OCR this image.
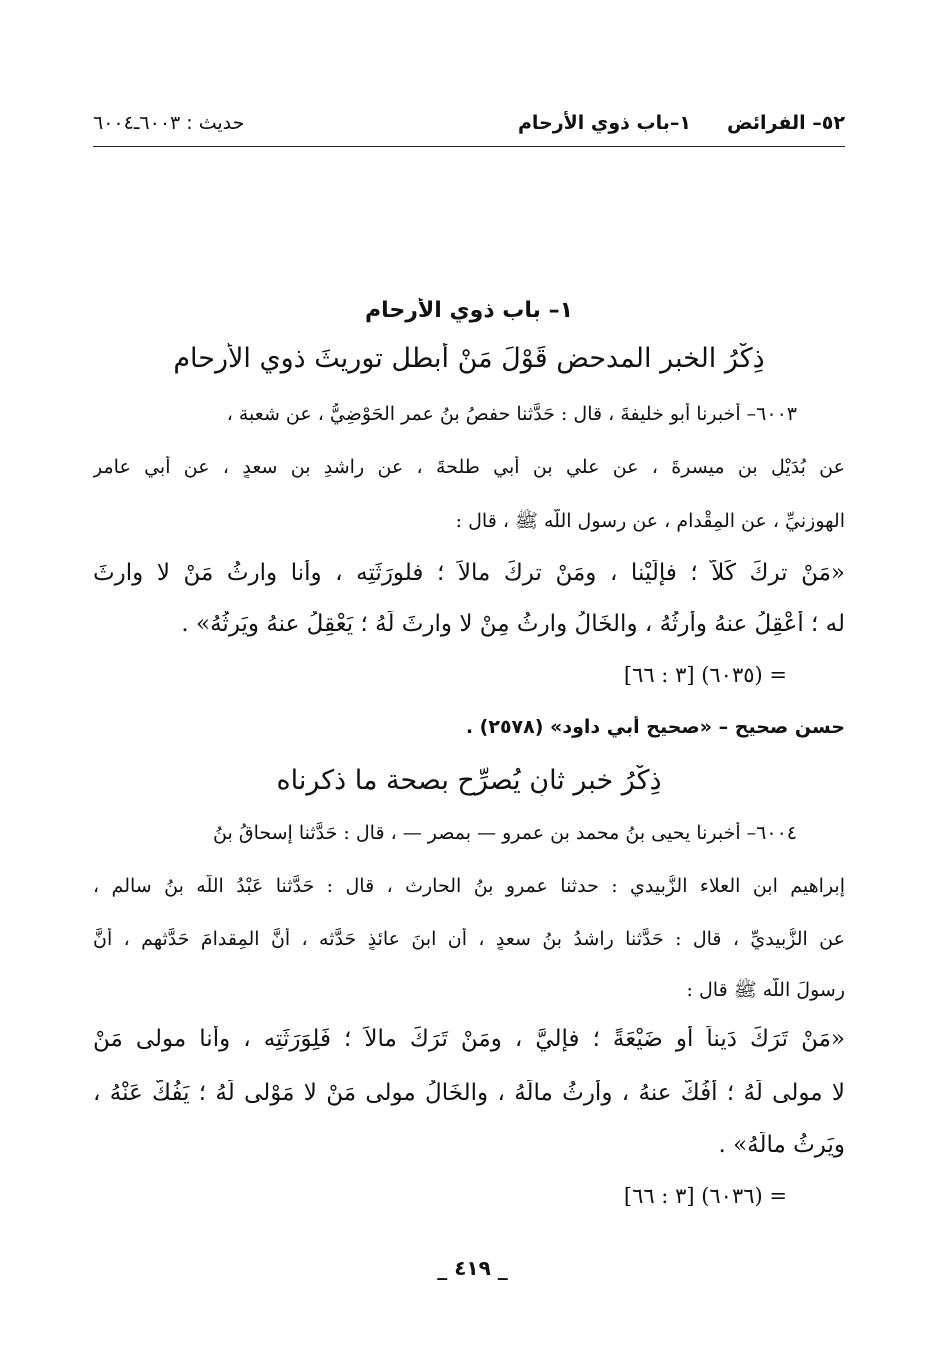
٥٢– الفرائض١–باب ذوي الأرحام
حديث : ٦٠٠٣ـ٦٠٠٤
١– باب ذوي الأرحام
ذِكْرُ الخبرِ المدحض قَوْلَ مَنْ أبطل توريثَ ذوي الأرحام
٦٠٠٣– أخبرنا أبو خليفةَ ، قال : حَدَّثنا حفصُ بنُ عمر الحَوْضِيُّ ، عن شعبة ،
عن بُدَيْلِ بنِ ميسرةَ ، عن علي بنِ أبي طلحةَ ، عن راشدِ بنِ سعدٍ ، عن أبي عامرٍ
الهوزنيِّ ، عن المِقْدام ، عن رسول اللَّه ﷺ ، قال :
«مَنْ تركَ كَلاًّ ؛ فإلَيْنا ، ومَنْ تركَ مالاً ؛ فلورَثَتِه ، وأنا وارثُ مَنْ لا وارثَ
له ؛ أَعْقِلُ عنهُ وأَرِثُهُ ، والخَالُ وارثُ مِنْ لا وارثَ لَهُ ؛ يَعْقِلُ عنهُ ويَرِثُهُ» .
= (٦٠٣٥) [٣ : ٦٦]
حسن صحيح – «صحيح أبي داود» (٢٥٧٨) .
ذِكْرُ خبرٍ ثانٍ يُصرِّح بصحة ما ذكرناه
٦٠٠٤– أخبرنا يحيى بنُ محمد بن عمرو — بمصر — ، قال : حَدَّثنا إسحاقُ بنُ
إبراهيم ابن العلاء الزُّبيدي : حدثنا عمرو بنُ الحارث ، قال : حَدَّثنا عَبْدُ اللَّه بنُ سالم ،
عن الزُّبيديِّ ، قال : حَدَّثنا راشدُ بنُ سعدٍ ، أن ابنَ عائذٍ حَدَّثه ، أنَّ المِقدامَ حَدَّثهم ، أنَّ
رسولَ اللَّه ﷺ قال :
«مَنْ تَرَكَ دَيناً أو ضَيْعَةً ؛ فإليَّ ، ومَنْ تَرَكَ مالاً ؛ فَلِوَرَثَتِه ، وأنا مولى مَنْ
لا مولى لَهُ ؛ أَفُكُّ عنهُ ، وأَرِثُ مالَهُ ، والخَالُ مولى مَنْ لا مَوْلى لَهُ ؛ يَفُكُّ عَنْهُ ،
ويَرِثُ مالَهُ» .
= (٦٠٣٦) [٣ : ٦٦]
_ ٤١٩ _
